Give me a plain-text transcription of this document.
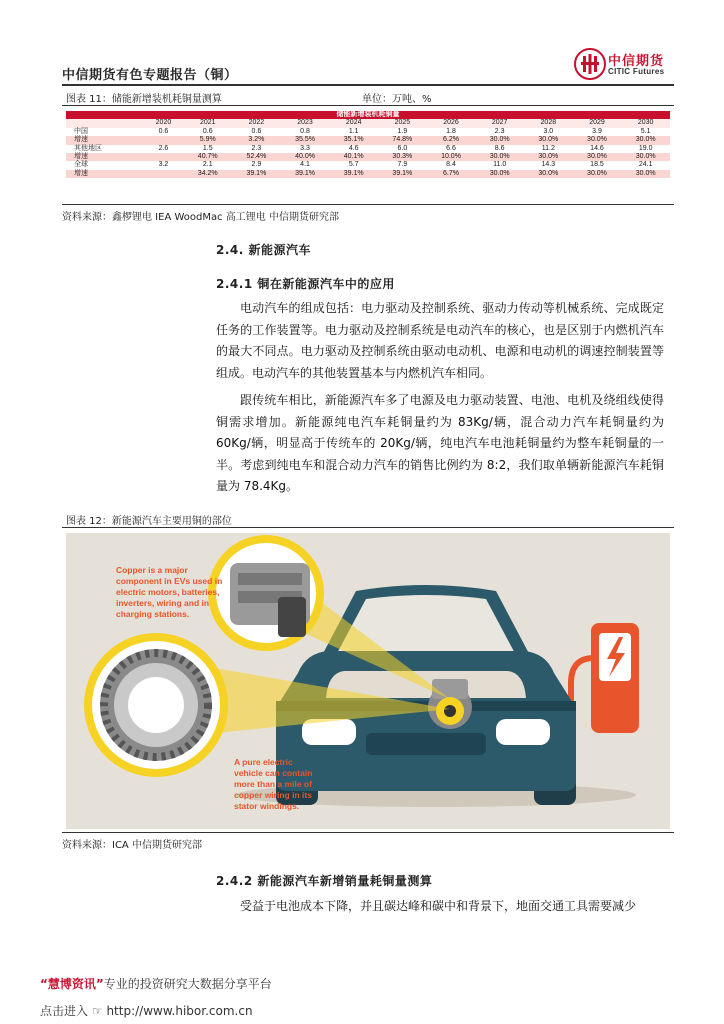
中信期货有色专题报告（铜）
中信期货
CITIC Futures
图表 11：储能新增装机耗铜量测算	单位：万吨、%
储能新增装机耗铜量											
	2020	2021	2022	2023	2024	2025	2026	2027	2028	2029	2030
中国	0.6	0.6	0.6	0.8	1.1	1.9	1.8	2.3	3.0	3.9	5.1
增速		5.9%	3.2%	35.5%	35.1%	74.8%	6.2%	30.0%	30.0%	30.0%	30.0%
其他地区	2.6	1.5	2.3	3.3	4.6	6.0	6.6	8.6	11.2	14.6	19.0
增速		40.7%	52.4%	40.0%	40.1%	30.3%	10.0%	30.0%	30.0%	30.0%	30.0%
全球	3.2	2.1	2.9	4.1	5.7	7.9	8.4	11.0	14.3	18.5	24.1
增速		34.2%	39.1%	39.1%	39.1%	39.1%	6.7%	30.0%	30.0%	30.0%	30.0%
资料来源：鑫椤锂电 IEA WoodMac 高工锂电 中信期货研究部
2.4. 新能源汽车
2.4.1 铜在新能源汽车中的应用
电动汽车的组成包括：电力驱动及控制系统、驱动力传动等机械系统、完成既定任务的工作装置等。电力驱动及控制系统是电动汽车的核心，也是区别于内燃机汽车的最大不同点。电力驱动及控制系统由驱动电动机、电源和电动机的调速控制装置等组成。电动汽车的其他装置基本与内燃机汽车相同。
跟传统车相比，新能源汽车多了电源及电力驱动装置、电池、电机及绕组线使得铜需求增加。新能源纯电汽车耗铜量约为 83Kg/辆，混合动力汽车耗铜量约为 60Kg/辆，明显高于传统车的 20Kg/辆，纯电汽车电池耗铜量约为整车耗铜量的一半。考虑到纯电车和混合动力汽车的销售比例约为 8:2，我们取单辆新能源汽车耗铜量为 78.4Kg。
图表 12：新能源汽车主要用铜的部位
Copper is a major
component in EVs used in
electric motors, batteries,
inverters, wiring and in
charging stations.
A pure electric
vehicle can contain
more than a mile of
copper wiring in its
stator windings.
资料来源：ICA 中信期货研究部
2.4.2 新能源汽车新增销量耗铜量测算
受益于电池成本下降，并且碳达峰和碳中和背景下，地面交通工具需要减少
“慧博资讯”专业的投资研究大数据分享平台
点击进入 ☞ http://www.hibor.com.cn
